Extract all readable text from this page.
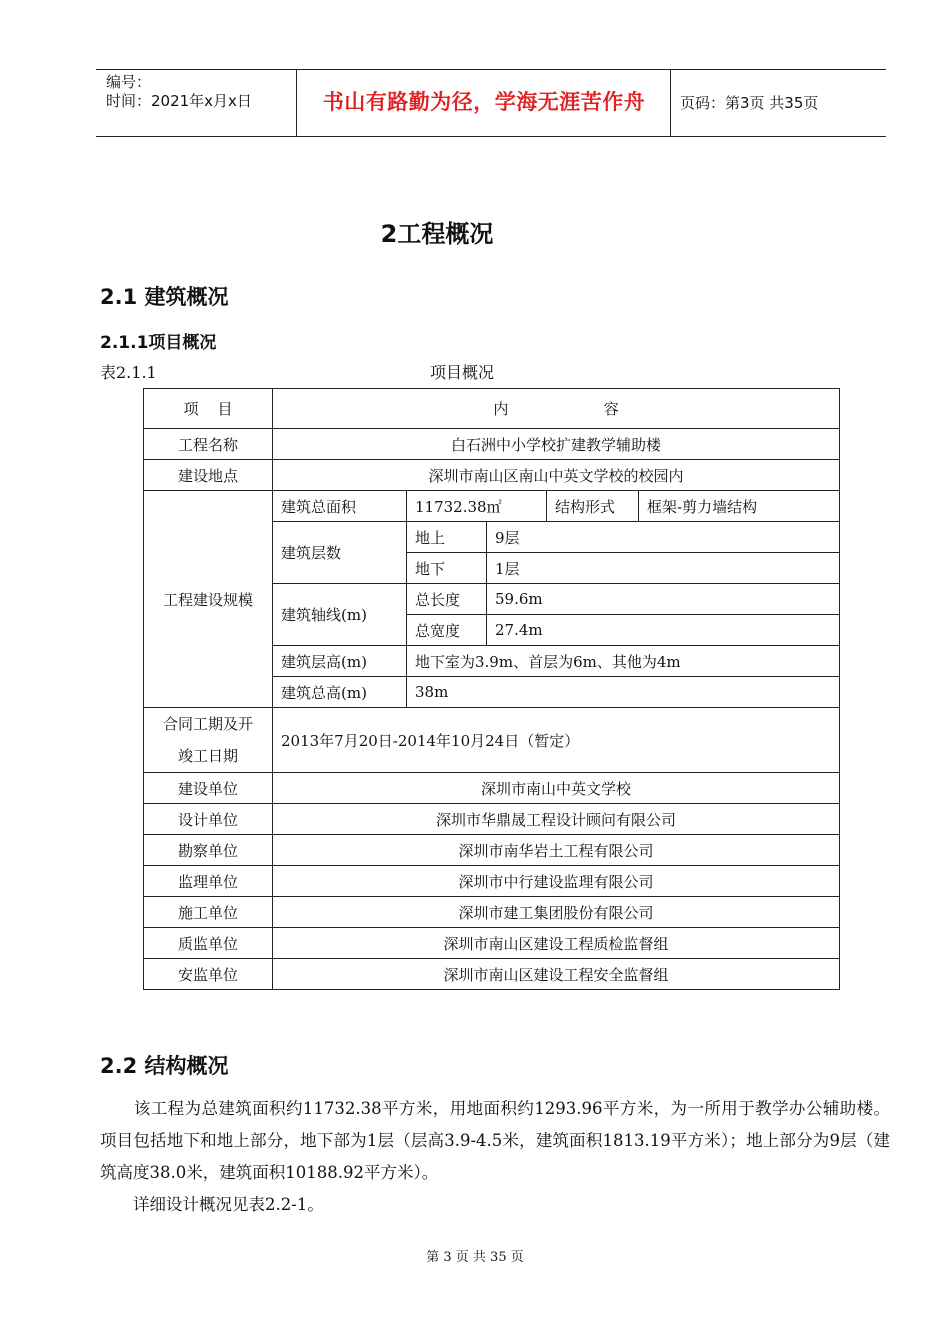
编号：
时间：2021年x月x日	书山有路勤为径，学海无涯苦作舟	页码：第3页 共35页
2工程概况
2.1 建筑概况
2.1.1项目概况
表2.1.1	项目概况
项    目	内                    容				
工程名称	白石洲中小学校扩建教学辅助楼				
建设地点	深圳市南山区南山中英文学校的校园内				
工程建设规模	建筑总面积	11732.38㎡		结构形式	框架-剪力墙结构
	建筑层数	地上	9层		
		地下	1层		
	建筑轴线(m)	总长度	59.6m		
		总宽度	27.4m		
	建筑层高(m)	地下室为3.9m、首层为6m、其他为4m			
	建筑总高(m)	38m			
合同工期及开
竣工日期	2013年7月20日-2014年10月24日（暂定）				
建设单位	深圳市南山中英文学校				
设计单位	深圳市华鼎晟工程设计顾问有限公司				
勘察单位	深圳市南华岩土工程有限公司				
监理单位	深圳市中行建设监理有限公司				
施工单位	深圳市建工集团股份有限公司				
质监单位	深圳市南山区建设工程质检监督组				
安监单位	深圳市南山区建设工程安全监督组				
2.2 结构概况
　　该工程为总建筑面积约11732.38平方米，用地面积约1293.96平方米，为一所用于教学办公辅助楼。项目包括地下和地上部分，地下部为1层（层高3.9-4.5米，建筑面积1813.19平方米）；地上部分为9层（建筑高度38.0米，建筑面积10188.92平方米）。
　　详细设计概况见表2.2-1。
第 3 页 共 35 页
